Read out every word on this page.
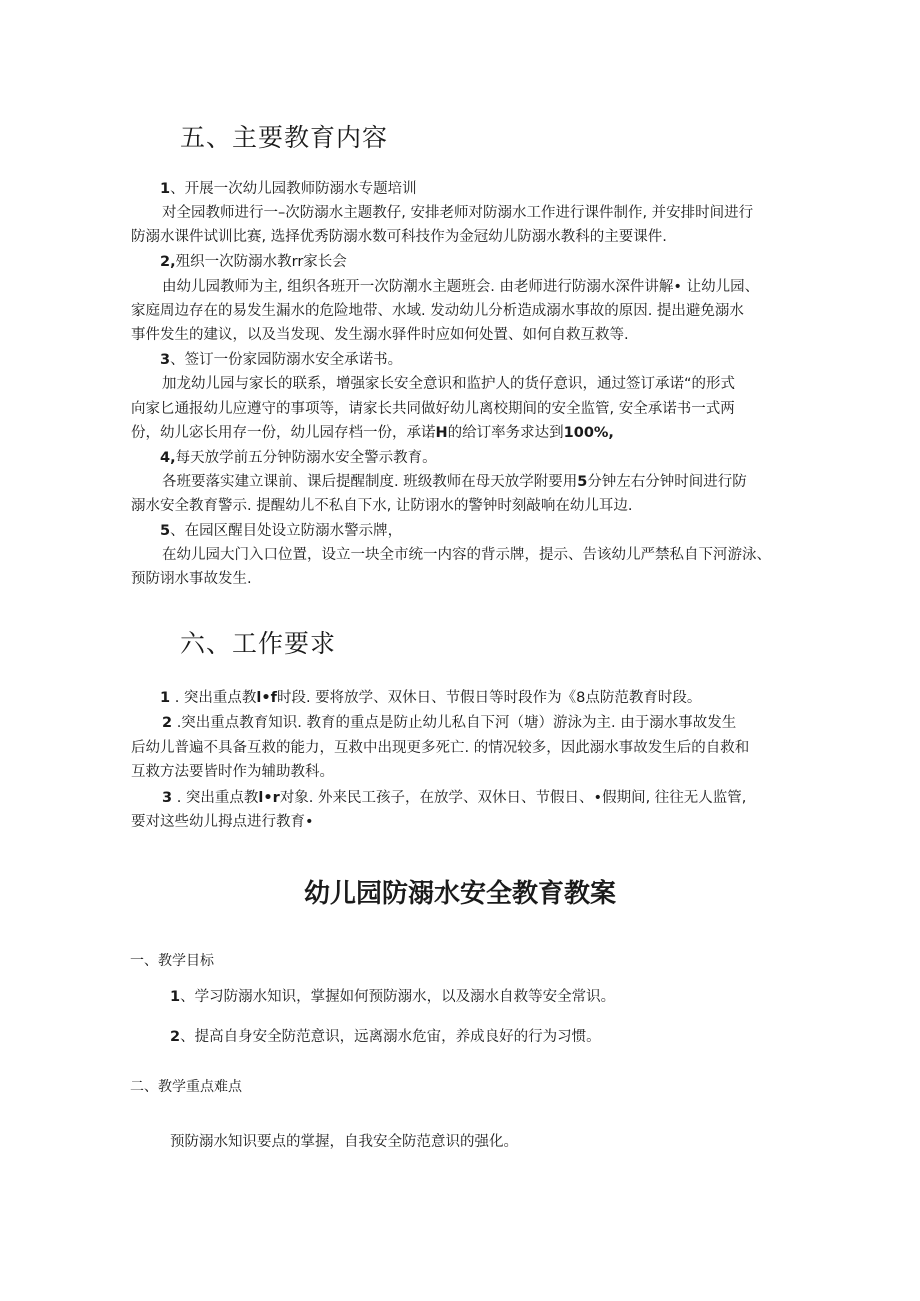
五、主要教育内容

1、开展一次幼儿园教师防溺水专题培训

对全园教师进行一–次防溺水主题教仔, 安排老师对防溺水工作进行课件制作, 并安排时间进行

防溺水课件试训比赛, 选择优秀防溺水数可科技作为金冠幼儿防溺水教科的主要课件.

2,殂织一次防溺水教rr家长会

由幼儿园教师为主, 组织各班开一次防潮水主题班会. 由老师进行防溺水深件讲解• 让幼儿园、

家庭周边存在的易发生漏水的危险地带、水域. 发动幼儿分析造成溺水事故的原因. 提出避免溺水

事件发生的建议，以及当发现、发生溺水驿件时应如何处置、如何自救互救等.

3、签订一份家园防溺水安全承诺书。

加龙幼儿园与家长的联系，增强家长安全意识和监护人的货仔意识，通过签订承诺“的形式

向家匕通报幼儿应遵守的事项等，请家长共同做好幼儿离校期间的安全监管, 安全承诺书一式两

份，幼儿宓长用存一份，幼儿园存档一份，承诺H的给订率务求达到100%,

4,每天放学前五分钟防溺水安全警示教育。

各班要落实建立课前、课后提醒制度. 班级教师在母天放学附要用5分钟左右分钟时间进行防

溺水安全教育警示. 提醒幼儿不私自下水, 让防诩水的警钟时刻敲响在幼儿耳边.

5、在园区醒目处设立防溺水警示牌，

在幼儿园大门入口位置，设立一块全市统一内容的背示牌，提示、告该幼儿严禁私自下河游泳、

预防诩水事故发生.

六、工作要求

1 . 突出重点教l•f时段. 要将放学、双休日、节假日等时段作为《8点防范教育时段。

2 .突出重点教育知识. 教育的重点是防止幼儿私自下河（塘）游泳为主. 由于溺水事故发生

后幼儿普遍不具备互救的能力，互救中出现更多死亡. 的情况较多，因此溺水事故发生后的自救和

互救方法要皆时作为辅助教科。

3 . 突出重点教l•r对象. 外来民工孩子，在放学、双休日、节假日、•假期间, 往往无人监管,

要对这些幼儿拇点进行教育•

幼儿园防溺水安全教育教案

一、教学目标

1、学习防溺水知识，掌握如何预防溺水，以及溺水自救等安全常识。

2、提高自身安全防范意识，远离溺水危宙，养成良好的行为习惯。

二、教学重点难点

预防溺水知识要点的掌握，自我安全防范意识的强化。
